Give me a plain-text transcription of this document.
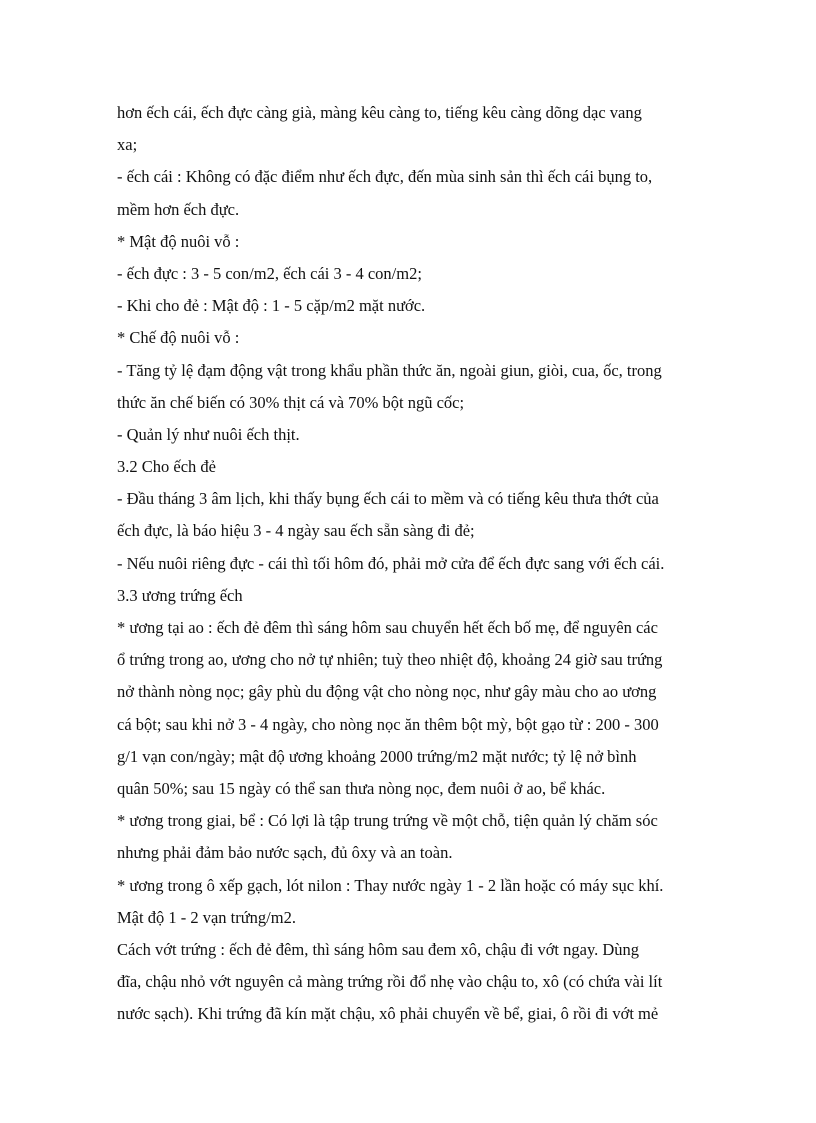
hơn ếch cái, ếch đực càng già, màng kêu càng to, tiếng kêu càng dõng dạc vang
xa;
- ếch cái : Không có đặc điểm như ếch đực, đến mùa sinh sản thì ếch cái bụng to,
mềm hơn ếch đực.
* Mật độ nuôi vỗ :
- ếch đực : 3 - 5 con/m2, ếch cái 3 - 4 con/m2;
- Khi cho đẻ : Mật độ : 1 - 5 cặp/m2 mặt nước.
* Chế độ nuôi vỗ :
- Tăng tỷ lệ đạm động vật trong khẩu phần thức ăn, ngoài giun, giòi, cua, ốc, trong
thức ăn chế biến có 30% thịt cá và 70% bột ngũ cốc;
- Quản lý như nuôi ếch thịt.
3.2 Cho ếch đẻ
- Đầu tháng 3 âm lịch, khi thấy bụng ếch cái to mềm và có tiếng kêu thưa thớt của
ếch đực, là báo hiệu 3 - 4 ngày sau ếch sẵn sàng đi đẻ;
- Nếu nuôi riêng đực - cái thì tối hôm đó, phải mở cửa để ếch đực sang với ếch cái.
3.3 ương trứng ếch
* ương tại ao : ếch đẻ đêm thì sáng hôm sau chuyển hết ếch bố mẹ, để nguyên các
ổ trứng trong ao, ương cho nở tự nhiên; tuỳ theo nhiệt độ, khoảng 24 giờ sau trứng
nở thành nòng nọc; gây phù du động vật cho nòng nọc, như gây màu cho ao ương
cá bột; sau khi nở 3 - 4 ngày, cho nòng nọc ăn thêm bột mỳ, bột gạo từ : 200 - 300
g/1 vạn con/ngày; mật độ ương khoảng 2000 trứng/m2 mặt nước; tỷ lệ nở bình
quân 50%; sau 15 ngày có thể san thưa nòng nọc, đem nuôi ở ao, bể khác.
* ương trong giai, bể : Có lợi là tập trung trứng về một chỗ, tiện quản lý chăm sóc
nhưng phải đảm bảo nước sạch, đủ ôxy và an toàn.
* ương trong ô xếp gạch, lót nilon : Thay nước ngày 1 - 2 lần hoặc có máy sục khí.
Mật độ 1 - 2 vạn trứng/m2.
Cách vớt trứng : ếch đẻ đêm, thì sáng hôm sau đem xô, chậu đi vớt ngay. Dùng
đĩa, chậu nhỏ vớt nguyên cả màng trứng rồi đổ nhẹ vào chậu to, xô (có chứa vài lít
nước sạch). Khi trứng đã kín mặt chậu, xô phải chuyển về bể, giai, ô rồi đi vớt mẻ
